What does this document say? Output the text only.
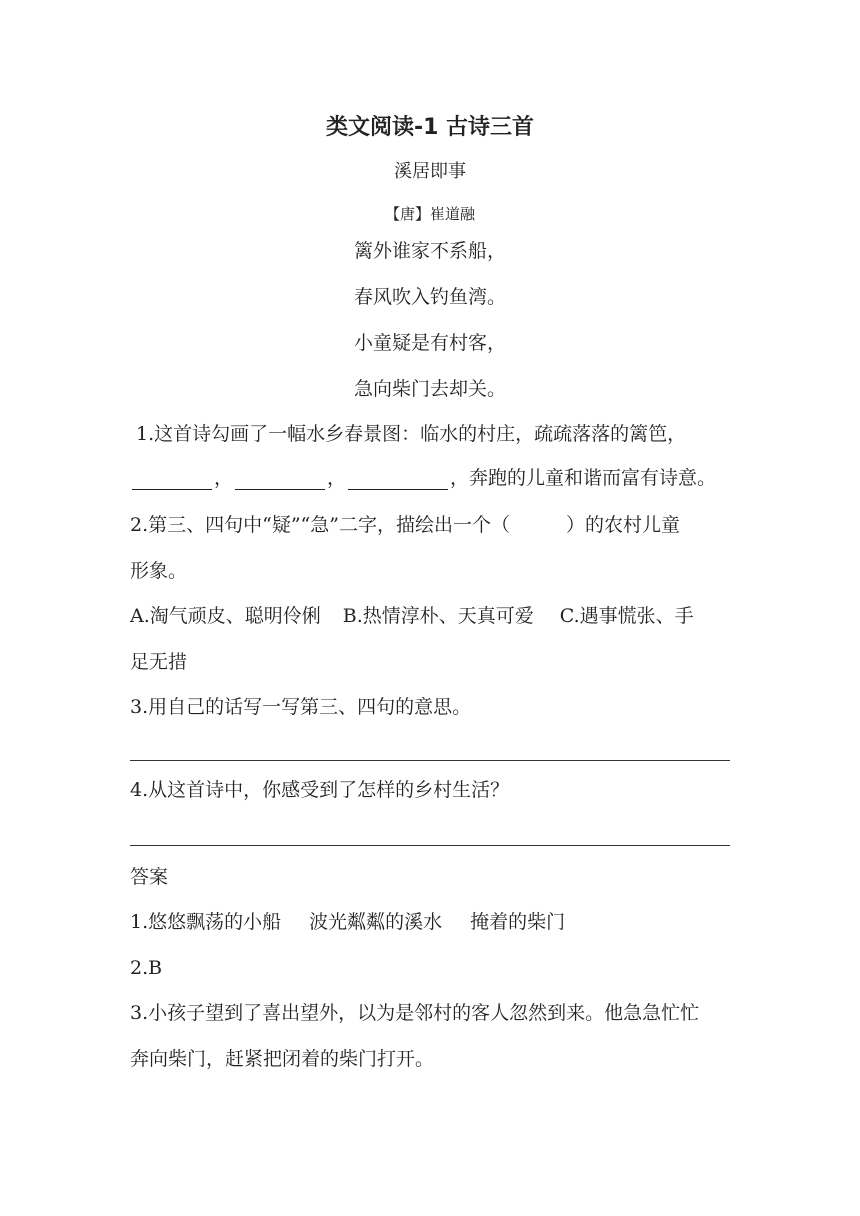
类文阅读-1 古诗三首
溪居即事
【唐】崔道融
篱外谁家不系船，
春风吹入钓鱼湾。
小童疑是有村客，
急向柴门去却关。
1.这首诗勾画了一幅水乡春景图：临水的村庄，疏疏落落的篱笆，
，	，	，奔跑的儿童和谐而富有诗意。
2.第三、四句中“疑”“急”二字，描绘出一个（	）的农村儿童
形象。
A.淘气顽皮、聪明伶俐 B.热情淳朴、天真可爱 C.遇事慌张、手
足无措
3.用自己的话写一写第三、四句的意思。
4.从这首诗中，你感受到了怎样的乡村生活？
答案
1.悠悠飘荡的小船 波光粼粼的溪水 掩着的柴门
2.B
3.小孩子望到了喜出望外，以为是邻村的客人忽然到来。他急急忙忙
奔向柴门，赶紧把闭着的柴门打开。
